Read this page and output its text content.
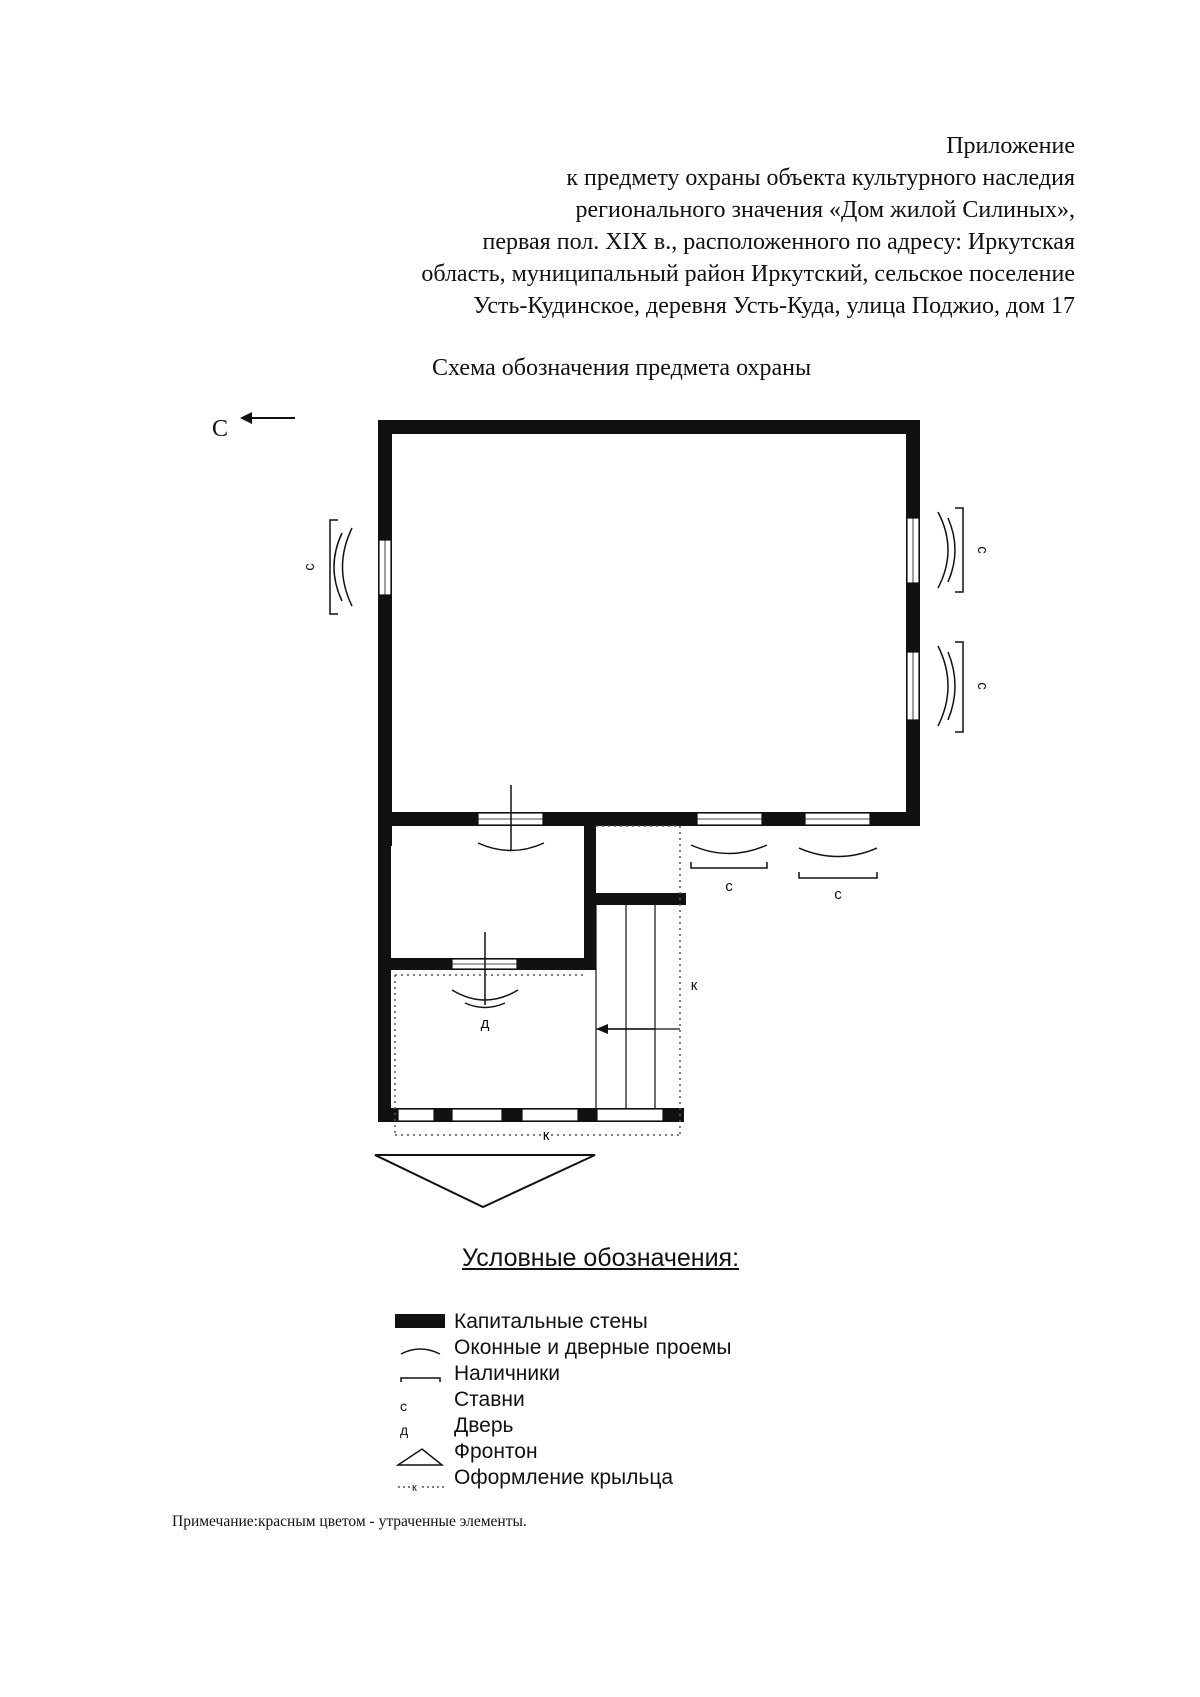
Приложение
к предмету охраны объекта культурного наследия
регионального значения «Дом жилой Силиных»,
первая пол. XIX в., расположенного по адресу: Иркутская
область, муниципальный район Иркутский, сельское поселение
Усть-Кудинское, деревня Усть-Куда, улица Поджио, дом 17
Схема обозначения предмета охраны
С
с
с
с
с	с
д
к
к
с
д
к
Условные обозначения:
Капитальные стены
Оконные и дверные проемы
Наличники
Ставни
Дверь
Фронтон
Оформление крыльца
Примечание:красным цветом - утраченные элементы.
